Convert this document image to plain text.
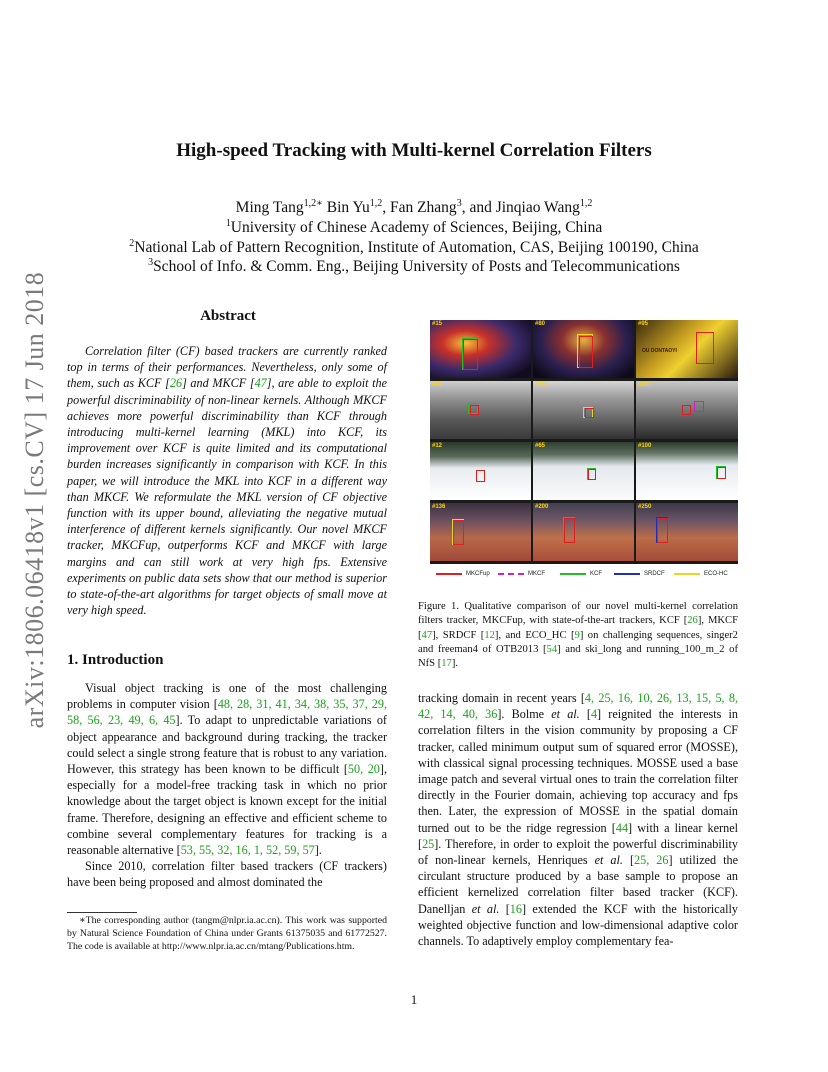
arXiv:1806.06418v1 [cs.CV] 17 Jun 2018
High-speed Tracking with Multi-kernel Correlation Filters
Ming Tang$^{1,2∗}$ Bin Yu$^{1,2}$, Fan Zhang$^3$, and Jinqiao Wang$^{1,2}$
$^1$University of Chinese Academy of Sciences, Beijing, China
$^2$National Lab of Pattern Recognition, Institute of Automation, CAS, Beijing 100190, China
$^3$School of Info. & Comm. Eng., Beijing University of Posts and Telecommunications
Abstract

Correlation filter (CF) based trackers are currently ranked top in terms of their performances. Nevertheless, only some of them, such as KCF [26] and MKCF [47], are able to exploit the powerful discriminability of non-linear kernels. Although MKCF achieves more powerful discriminability than KCF through introducing multi-kernel learning (MKL) into KCF, its improvement over KCF is quite limited and its computational burden increases significantly in comparison with KCF. In this paper, we will introduce the MKL into KCF in a different way than MKCF. We reformulate the MKL version of CF objective function with its upper bound, alleviating the negative mutual interference of different kernels significantly. Our novel MKCF tracker, MKCFup, outperforms KCF and MKCF with large margins and can still work at very high fps. Extensive experiments on public data sets show that our method is superior to state-of-the-art algorithms for target objects of small move at very high speed.

1. Introduction

Visual object tracking is one of the most challenging problems in computer vision [48, 28, 31, 41, 34, 38, 35, 37, 29, 58, 56, 23, 49, 6, 45]. To adapt to unpredictable variations of object appearance and background during tracking, the tracker could select a single strong feature that is robust to any variation. However, this strategy has been known to be difficult [50, 20], especially for a model-free tracking task in which no prior knowledge about the target object is known except for the initial frame. Therefore, designing an effective and efficient scheme to combine several complementary features for tracking is a reasonable alternative [53, 55, 32, 16, 1, 52, 59, 57].

Since 2010, correlation filter based trackers (CF trackers) have been being proposed and almost dominated the

∗The corresponding author (tangm@nlpr.ia.ac.cn). This work was supported by Natural Science Foundation of China under Grants 61375035 and 61772527. The code is available at http://www.nlpr.ia.ac.cn/mtang/Publications.htm.

#15	#80	#95
OU DONTAOYI
#82	#155	#237
#12	#65	#100
#136	#200	#250
MKCFup	MKCF	KCF	SRDCF	ECO-HC
Figure 1. Qualitative comparison of our novel multi-kernel correlation filters tracker, MKCFup, with state-of-the-art trackers, KCF [26], MKCF [47], SRDCF [12], and ECO_HC [9] on challenging sequences, singer2 and freeman4 of OTB2013 [54] and ski_long and running_100_m_2 of NfS [17].

tracking domain in recent years [4, 25, 16, 10, 26, 13, 15, 5, 8, 42, 14, 40, 36]. Bolme et al. [4] reignited the interests in correlation filters in the vision community by proposing a CF tracker, called minimum output sum of squared error (MOSSE), with classical signal processing techniques. MOSSE used a base image patch and several virtual ones to train the correlation filter directly in the Fourier domain, achieving top accuracy and fps then. Later, the expression of MOSSE in the spatial domain turned out to be the ridge regression [44] with a linear kernel [25]. Therefore, in order to exploit the powerful discriminability of non-linear kernels, Henriques et al. [25, 26] utilized the circulant structure produced by a base sample to propose an efficient kernelized correlation filter based tracker (KCF). Danelljan et al. [16] extended the KCF with the historically weighted objective function and low-dimensional adaptive color channels. To adaptively employ complementary fea-

1
